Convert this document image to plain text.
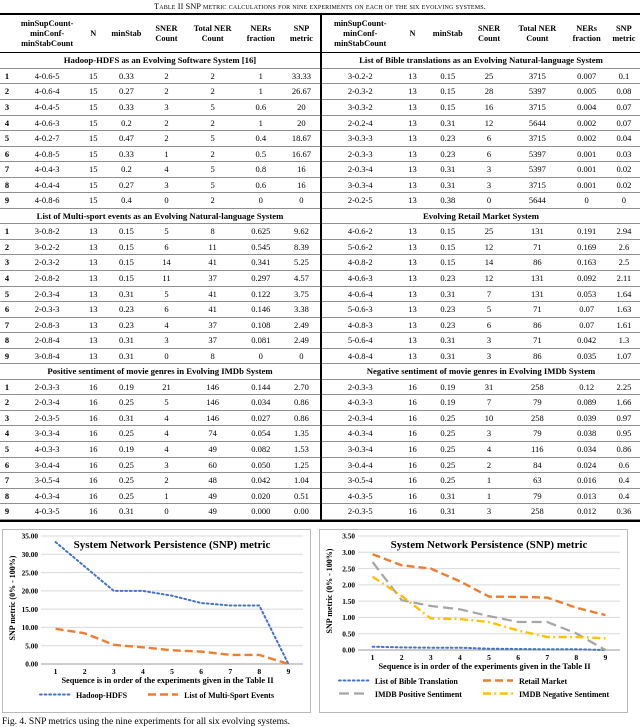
Table II SNP metric calculations for nine experiments on each of the six evolving systems.
	minSupCount-minConf-minStabCount	N	minStab	SNER Count	Total NER Count	NERs fraction	SNP metric
Hadoop-HDFS as an Evolving Software System [16]							
1	4-0.6-5	15	0.33	2	2	1	33.33
2	4-0.6-4	15	0.27	2	2	1	26.67
3	4-0.4-5	15	0.33	3	5	0.6	20
4	4-0.6-3	15	0.2	2	2	1	20
5	4-0.2-7	15	0.47	2	5	0.4	18.67
6	4-0.8-5	15	0.33	1	2	0.5	16.67
7	4-0.4-3	15	0.2	4	5	0.8	16
8	4-0.4-4	15	0.27	3	5	0.6	16
9	4-0.8-6	15	0.4	0	2	0	0
List of Multi-sport events as an Evolving Natural-language System							
1	3-0.8-2	13	0.15	5	8	0.625	9.62
2	3-0.2-2	13	0.15	6	11	0.545	8.39
3	2-0.3-2	13	0.15	14	41	0.341	5.25
4	2-0.8-2	13	0.15	11	37	0.297	4.57
5	2-0.3-4	13	0.31	5	41	0.122	3.75
6	2-0.3-3	13	0.23	6	41	0.146	3.38
7	2-0.8-3	13	0.23	4	37	0.108	2.49
8	2-0.8-4	13	0.31	3	37	0.081	2.49
9	3-0.8-4	13	0.31	0	8	0	0
Positive sentiment of movie genres in Evolving IMDb System							
1	2-0.3-3	16	0.19	21	146	0.144	2.70
2	2-0.3-4	16	0.25	5	146	0.034	0.86
3	2-0.3-5	16	0.31	4	146	0.027	0.86
4	3-0.3-4	16	0.25	4	74	0.054	1.35
5	4-0.3-3	16	0.19	4	49	0.082	1.53
6	3-0.4-4	16	0.25	3	60	0.050	1.25
7	3-0.5-4	16	0.25	2	48	0.042	1.04
8	4-0.3-4	16	0.25	1	49	0.020	0.51
9	4-0.3-5	16	0.31	0	49	0.000	0.00
minSupCount-minConf-minStabCount	N	minStab	SNER Count	Total NER Count	NERs fraction	SNP metric
List of Bible translations as an Evolving Natural-language System						
3-0.2-2	13	0.15	25	3715	0.007	0.1
2-0.3-2	13	0.15	28	5397	0.005	0.08
3-0.3-2	13	0.15	16	3715	0.004	0.07
2-0.2-4	13	0.31	12	5644	0.002	0.07
3-0.3-3	13	0.23	6	3715	0.002	0.04
2-0.3-3	13	0.23	6	5397	0.001	0.03
2-0.3-4	13	0.31	3	5397	0.001	0.02
3-0.3-4	13	0.31	3	3715	0.001	0.02
2-0.2-5	13	0.38	0	5644	0	0
Evolving Retail Market System						
4-0.6-2	13	0.15	25	131	0.191	2.94
5-0.6-2	13	0.15	12	71	0.169	2.6
4-0.8-2	13	0.15	14	86	0.163	2.5
4-0.6-3	13	0.23	12	131	0.092	2.11
4-0.6-4	13	0.31	7	131	0.053	1.64
5-0.6-3	13	0.23	5	71	0.07	1.63
4-0.8-3	13	0.23	6	86	0.07	1.61
5-0.6-4	13	0.31	3	71	0.042	1.3
4-0.8-4	13	0.31	3	86	0.035	1.07
Negative sentiment of movie genres in Evolving IMDb System						
2-0.3-3	16	0.19	31	258	0.12	2.25
4-0.3-3	16	0.19	7	79	0.089	1.66
2-0.3-4	16	0.25	10	258	0.039	0.97
4-0.3-4	16	0.25	3	79	0.038	0.95
3-0.3-4	16	0.25	4	116	0.034	0.86
3-0.4-4	16	0.25	2	84	0.024	0.6
3-0.5-4	16	0.25	1	63	0.016	0.4
4-0.3-5	16	0.31	1	79	0.013	0.4
2-0.3-5	16	0.31	3	258	0.012	0.36
0.00
5.00
10.00
15.00
20.00
25.00
30.00
35.00
SNP metric (0% - 100%)
1	2	3	4	5	6	7	8	9
System Network Persistence (SNP) metric
Sequence is in order of the experiments given in the Table II
Hadoop-HDFS	List of Multi-Sport Events
0.00
0.50
1.00
1.50
2.00
2.50
3.00
3.50
SNP metric (0% - 100%)
1	2	3	4	5	6	7	8	9
System Network Persistence (SNP) metric
Sequence is in order of the experiments given in the Table II
List of Bible Translation	Retail Market
IMDB Positive Sentiment	IMDB Negative Sentiment
Fig. 4. SNP metrics using the nine experiments for all six evolving systems.
